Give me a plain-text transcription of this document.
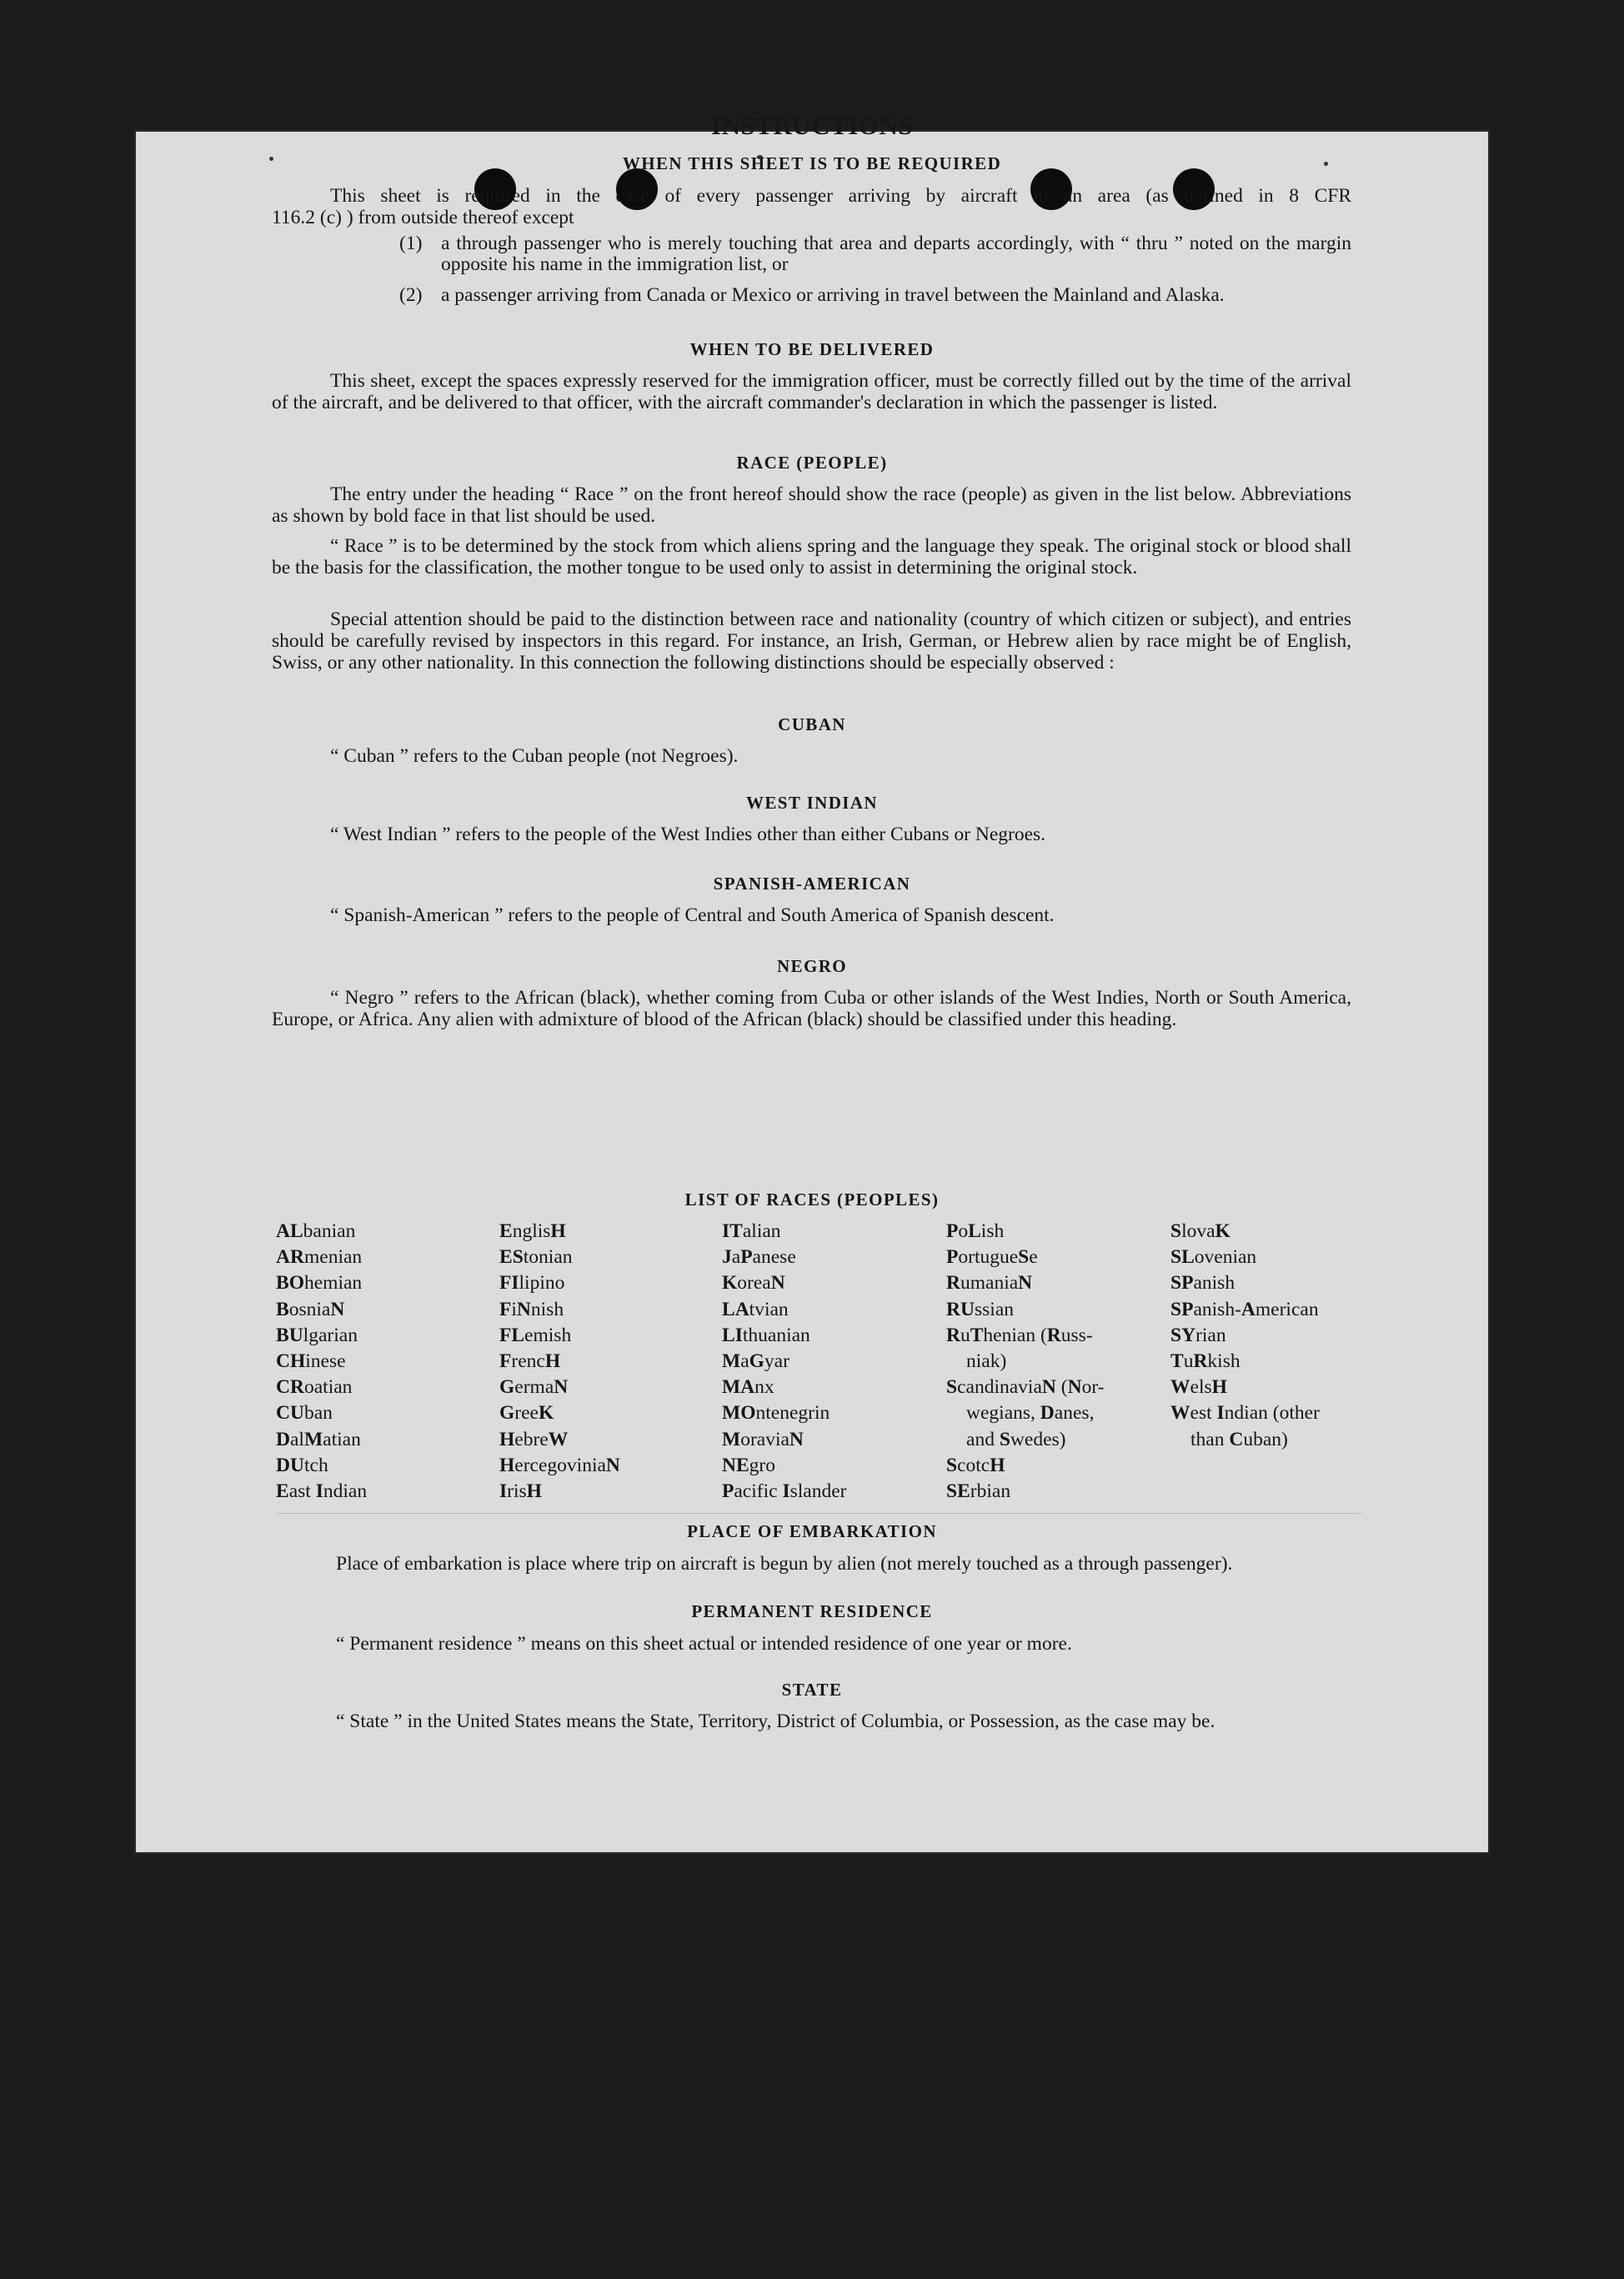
INSTRUCTIONS
WHEN THIS SHEET IS TO BE REQUIRED
This sheet is required in the case of every passenger arriving by aircraft in an area (as defined in 8 CFR
116.2 (c) ) from outside thereof except
(1) a through passenger who is merely touching that area and departs accordingly, with “ thru ” noted on the margin opposite his name in the immigration list, or
(2) a passenger arriving from Canada or Mexico or arriving in travel between the Mainland and Alaska.
WHEN TO BE DELIVERED

This sheet, except the spaces expressly reserved for the immigration officer, must be correctly filled out by the time of the arrival of the aircraft, and be delivered to that officer, with the aircraft commander's declaration in which the passenger is listed.

RACE (PEOPLE)

The entry under the heading “ Race ” on the front hereof should show the race (people) as given in the list below. Abbreviations as shown by bold face in that list should be used.

“ Race ” is to be determined by the stock from which aliens spring and the language they speak. The original stock or blood shall be the basis for the classification, the mother tongue to be used only to assist in determining the original stock.

Special attention should be paid to the distinction between race and nationality (country of which citizen or subject), and entries should be carefully revised by inspectors in this regard. For instance, an Irish, German, or Hebrew alien by race might be of English, Swiss, or any other nationality. In this connection the following distinctions should be especially observed :

CUBAN

“ Cuban ” refers to the Cuban people (not Negroes).

WEST INDIAN

“ West Indian ” refers to the people of the West Indies other than either Cubans or Negroes.

SPANISH-AMERICAN

“ Spanish-American ” refers to the people of Central and South America of Spanish descent.

NEGRO

“ Negro ” refers to the African (black), whether coming from Cuba or other islands of the West Indies, North or South America, Europe, or Africa. Any alien with admixture of blood of the African (black) should be classified under this heading.

LIST OF RACES (PEOPLES)
ALbanian
ARmenian
BOhemian
BosniaN
BUlgarian
CHinese
CRoatian
CUban
DalMatian
DUtch
East Indian
EnglisH
EStonian
FIlipino
FiNnish
FLemish
FrencH
GermaN
GreeK
HebreW
HercegoviniaN
IrisH
ITalian
JaPanese
KoreaN
LAtvian
LIthuanian
MaGyar
MAnx
MOntenegrin
MoraviaN
NEgro
Pacific Islander
PoLish
PortugueSe
RumaniaN
RUssian
RuThenian (Russ-
niak)
ScandinaviaN (Nor-
wegians, Danes,
and Swedes)
ScotcH
SErbian
SlovaK
SLovenian
SPanish
SPanish-American
SYrian
TuRkish
WelsH
West Indian (other
than Cuban)
PLACE OF EMBARKATION

Place of embarkation is place where trip on aircraft is begun by alien (not merely touched as a through passenger).

PERMANENT RESIDENCE

“ Permanent residence ” means on this sheet actual or intended residence of one year or more.

STATE

“ State ” in the United States means the State, Territory, District of Columbia, or Possession, as the case may be.
